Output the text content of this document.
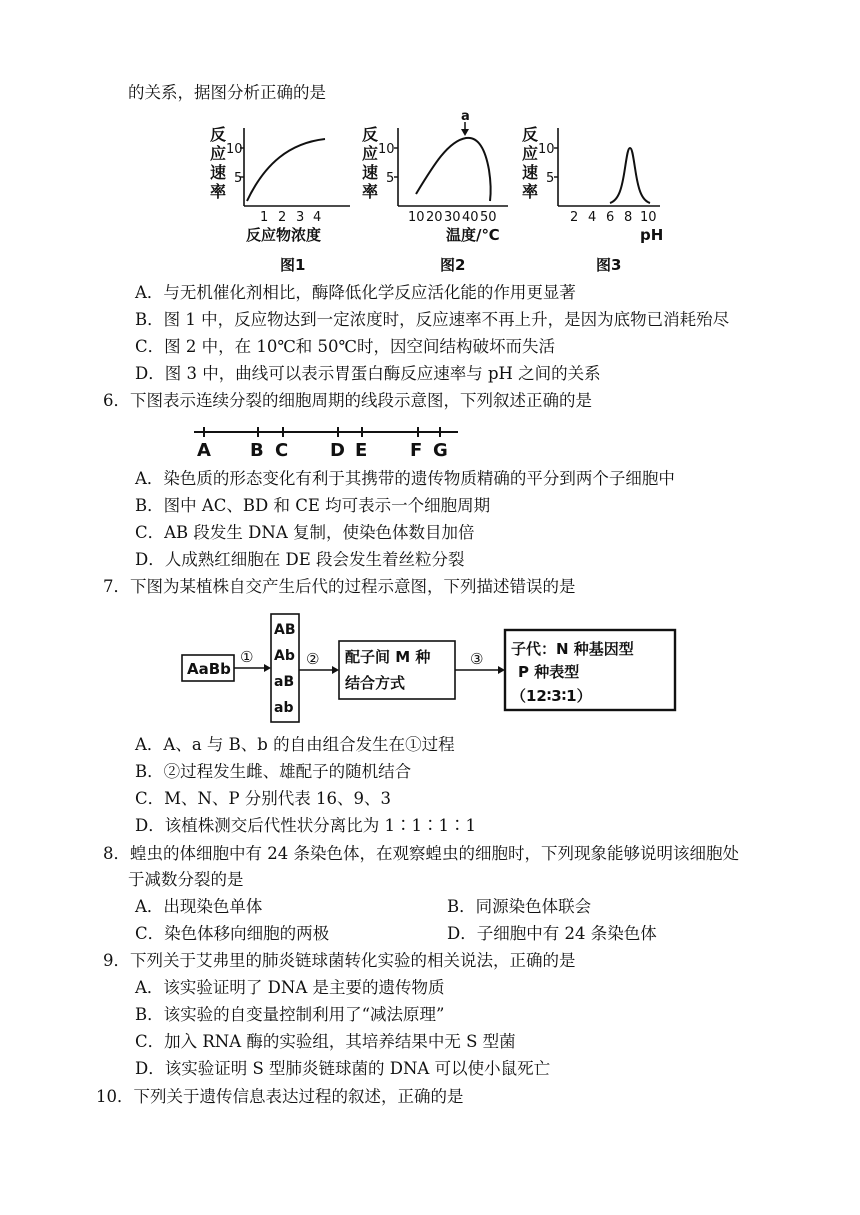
的关系，据图分析正确的是
反
应
速
率
10
5
1 2 3 4
反应物浓度
图1
反
应
速
率
10
5
a
10 20 30 40 50
温度/℃
图2
反
应
速
率
10
5
2 4 6 8 10
pH
图3
A．与无机催化剂相比，酶降低化学反应活化能的作用更显著
B．图 1 中，反应物达到一定浓度时，反应速率不再上升，是因为底物已消耗殆尽
C．图 2 中，在 10℃和 50℃时，因空间结构破坏而失活
D．图 3 中，曲线可以表示胃蛋白酶反应速率与 pH 之间的关系
6．下图表示连续分裂的细胞周期的线段示意图，下列叙述正确的是
A B C D E F G
A．染色质的形态变化有利于其携带的遗传物质精确的平分到两个子细胞中
B．图中 AC、BD 和 CE 均可表示一个细胞周期
C．AB 段发生 DNA 复制，使染色体数目加倍
D．人成熟红细胞在 DE 段会发生着丝粒分裂
7．下图为某植株自交产生后代的过程示意图，下列描述错误的是
AaBb
①
AB
Ab
aB
ab
② 配子间 M 种
结合方式
③
子代：N 种基因型
P 种表型
（12∶3∶1）
A．A、a 与 B、b 的自由组合发生在①过程
B．②过程发生雌、雄配子的随机结合
C．M、N、P 分别代表 16、9、3
D．该植株测交后代性状分离比为 1∶1∶1∶1
8．蝗虫的体细胞中有 24 条染色体，在观察蝗虫的细胞时，下列现象能够说明该细胞处
于减数分裂的是
A．出现染色单体	B．同源染色体联会
C．染色体移向细胞的两极	D．子细胞中有 24 条染色体
9．下列关于艾弗里的肺炎链球菌转化实验的相关说法，正确的是
A．该实验证明了 DNA 是主要的遗传物质
B．该实验的自变量控制利用了“减法原理”
C．加入 RNA 酶的实验组，其培养结果中无 S 型菌
D．该实验证明 S 型肺炎链球菌的 DNA 可以使小鼠死亡
10．下列关于遗传信息表达过程的叙述，正确的是
